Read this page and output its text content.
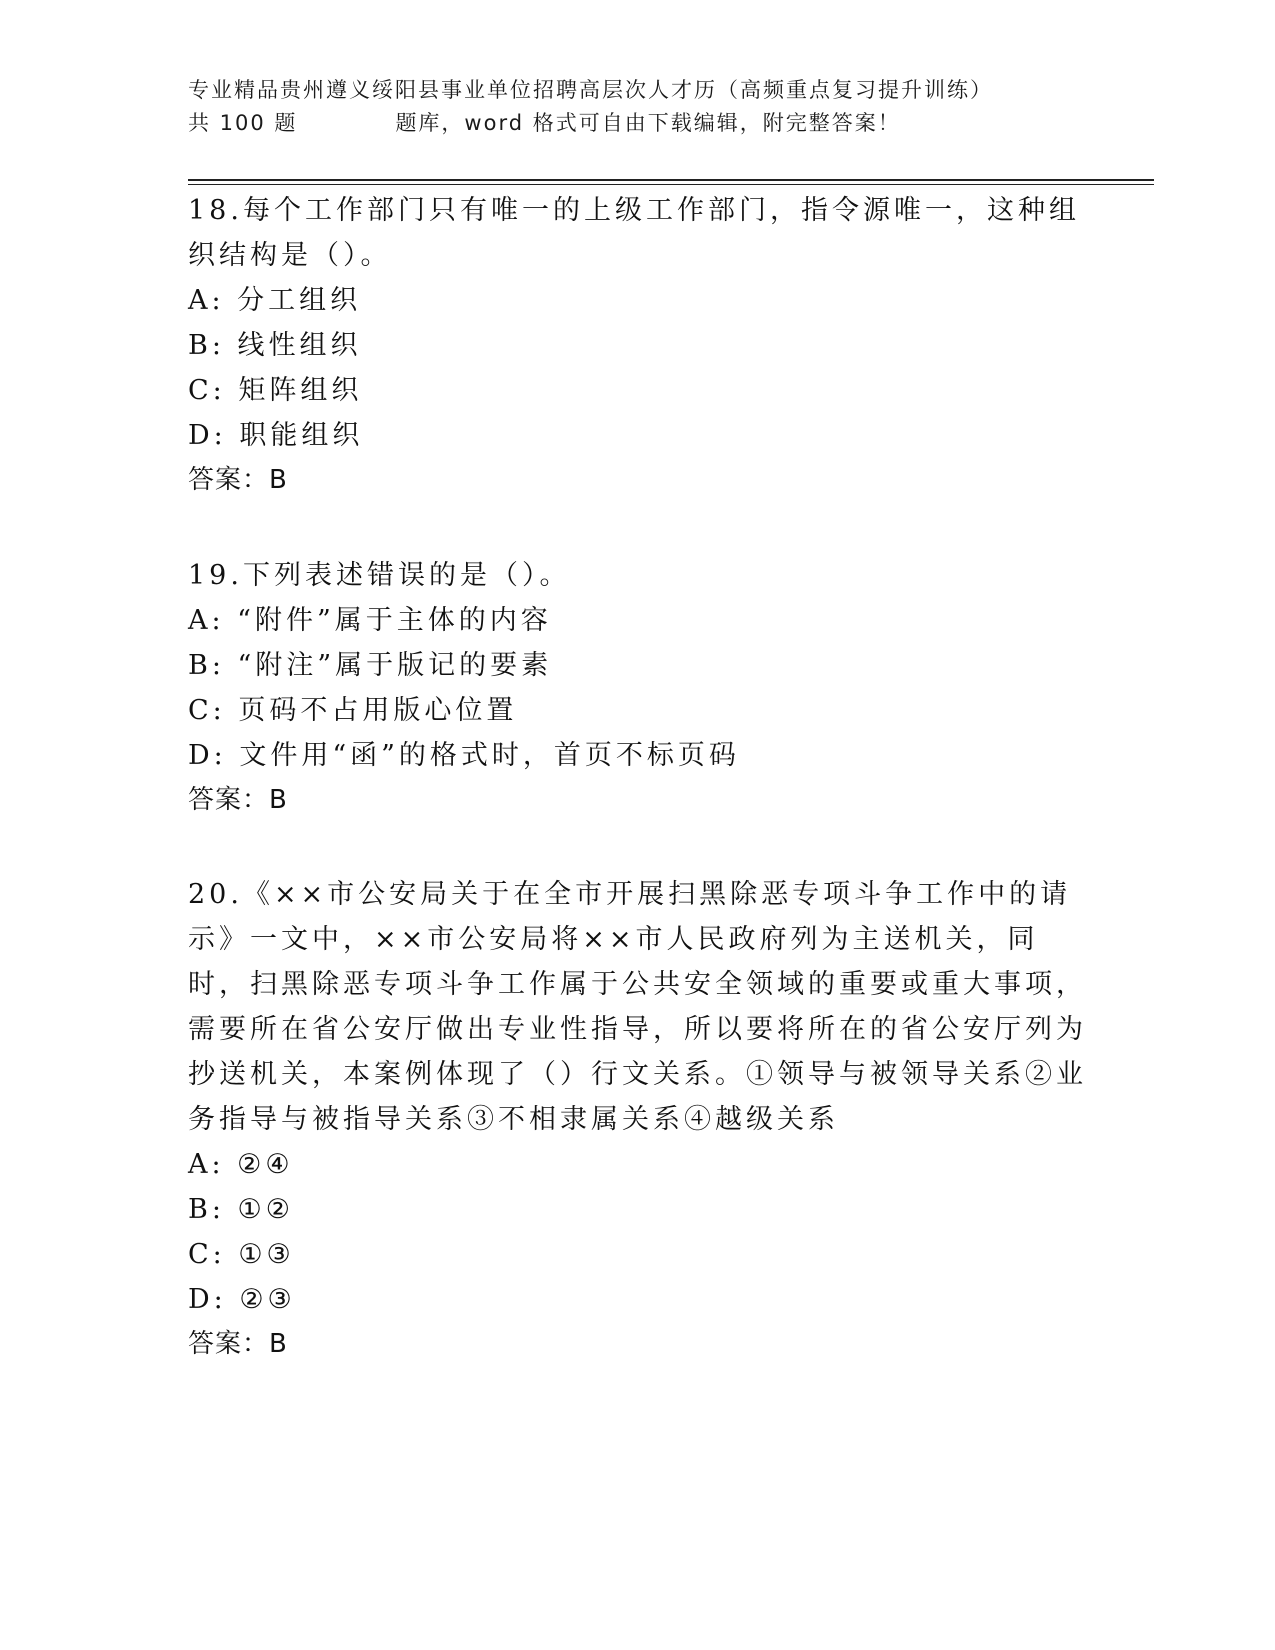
专业精品贵州遵义绥阳县事业单位招聘高层次人才历（高频重点复习提升训练）
共 100 题	题库，word 格式可自由下载编辑，附完整答案！
18.每个工作部门只有唯一的上级工作部门，指令源唯一，这种组织结构是（）。
A: 分工组织
B: 线性组织
C: 矩阵组织
D: 职能组织
答案：B
19.下列表述错误的是（）。
A: “附件”属于主体的内容
B: “附注”属于版记的要素
C: 页码不占用版心位置
D: 文件用“函”的格式时，首页不标页码
答案：B
20.《××市公安局关于在全市开展扫黑除恶专项斗争工作中的请示》一文中，××市公安局将××市人民政府列为主送机关，同时，扫黑除恶专项斗争工作属于公共安全领域的重要或重大事项，需要所在省公安厅做出专业性指导，所以要将所在的省公安厅列为抄送机关，本案例体现了（）行文关系。①领导与被领导关系②业务指导与被指导关系③不相隶属关系④越级关系
A: ②④
B: ①②
C: ①③
D: ②③
答案：B
